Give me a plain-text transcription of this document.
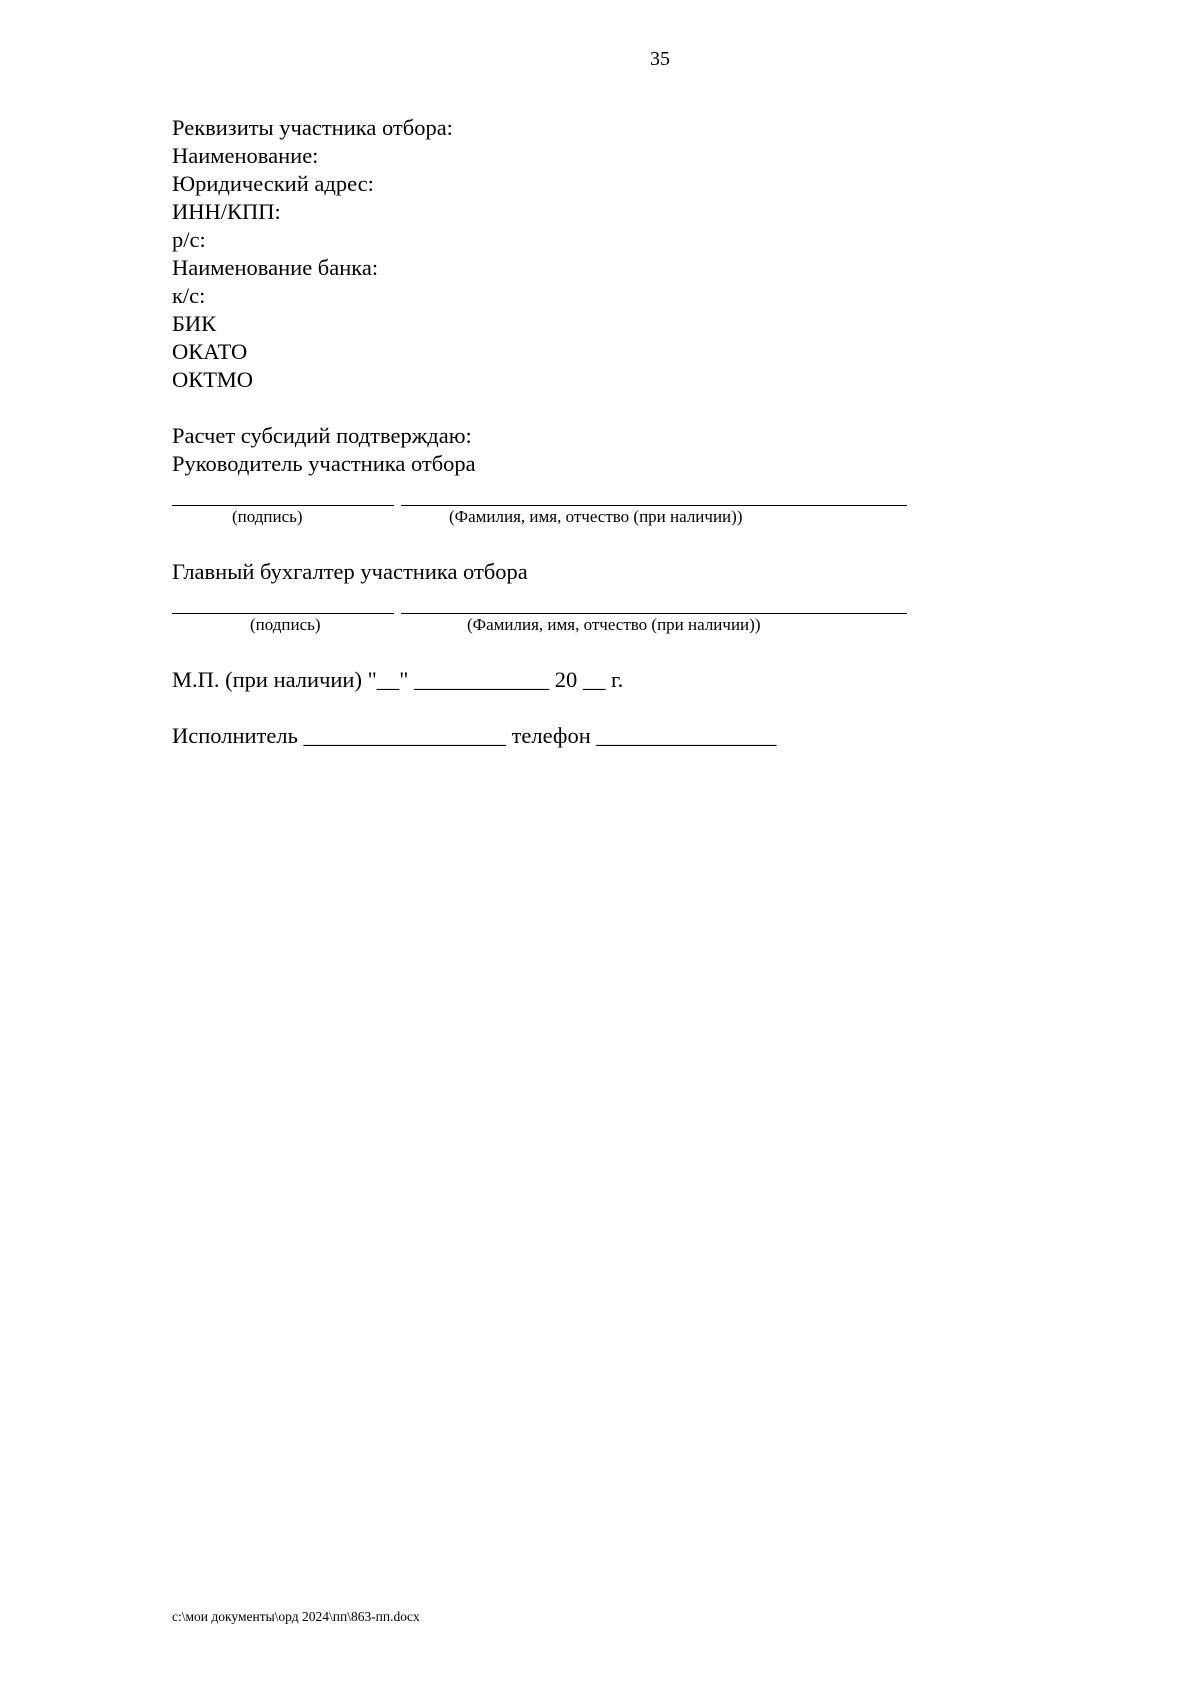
35
Реквизиты участника отбора:
Наименование:
Юридический адрес:
ИНН/КПП:
р/с:
Наименование банка:
к/с:
БИК
ОКАТО
ОКТМО
Расчет субсидий подтверждаю:
Руководитель участника отбора
(подпись)	(Фамилия, имя, отчество (при наличии))
Главный бухгалтер участника отбора
(подпись)	(Фамилия, имя, отчество (при наличии))
М.П. (при наличии) "__" ____________ 20 __ г.
Исполнитель __________________ телефон ________________
c:\мои документы\орд 2024\пп\863-пп.docx
